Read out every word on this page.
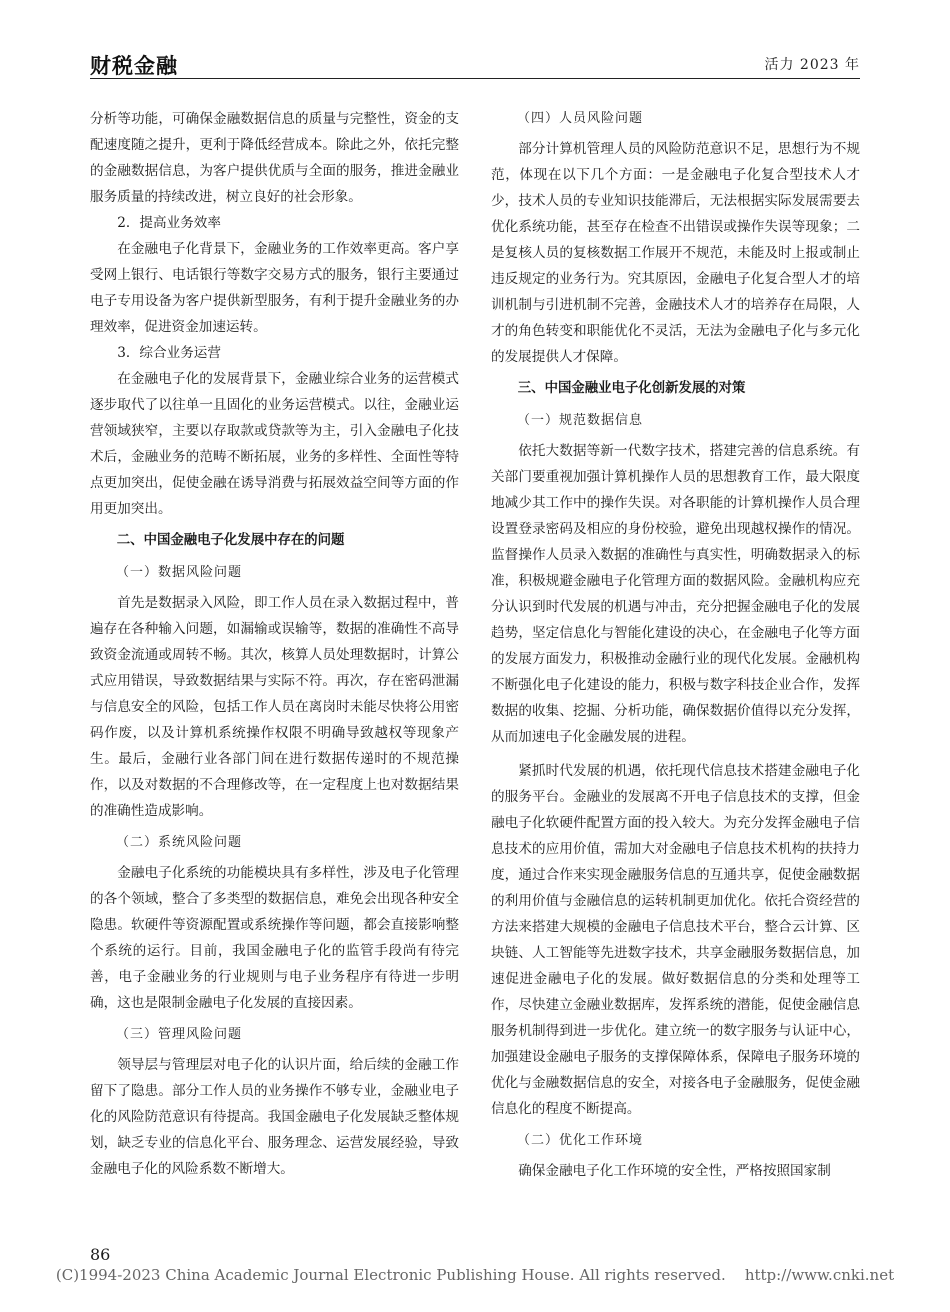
财税金融	活力 2023 年

分析等功能，可确保金融数据信息的质量与完整性，资金的支配速度随之提升，更利于降低经营成本。除此之外，依托完整的金融数据信息，为客户提供优质与全面的服务，推进金融业服务质量的持续改进，树立良好的社会形象。

2．提高业务效率

在金融电子化背景下，金融业务的工作效率更高。客户享受网上银行、电话银行等数字交易方式的服务，银行主要通过电子专用设备为客户提供新型服务，有利于提升金融业务的办理效率，促进资金加速运转。

3．综合业务运营

在金融电子化的发展背景下，金融业综合业务的运营模式逐步取代了以往单一且固化的业务运营模式。以往，金融业运营领域狭窄，主要以存取款或贷款等为主，引入金融电子化技术后，金融业务的范畴不断拓展，业务的多样性、全面性等特点更加突出，促使金融在诱导消费与拓展效益空间等方面的作用更加突出。

二、中国金融电子化发展中存在的问题

（一）数据风险问题

首先是数据录入风险，即工作人员在录入数据过程中，普遍存在各种输入问题，如漏输或误输等，数据的准确性不高导致资金流通或周转不畅。其次，核算人员处理数据时，计算公式应用错误，导致数据结果与实际不符。再次，存在密码泄漏与信息安全的风险，包括工作人员在离岗时未能尽快将公用密码作废，以及计算机系统操作权限不明确导致越权等现象产生。最后，金融行业各部门间在进行数据传递时的不规范操作，以及对数据的不合理修改等，在一定程度上也对数据结果的准确性造成影响。

（二）系统风险问题

金融电子化系统的功能模块具有多样性，涉及电子化管理的各个领域，整合了多类型的数据信息，难免会出现各种安全隐患。软硬件等资源配置或系统操作等问题，都会直接影响整个系统的运行。目前，我国金融电子化的监管手段尚有待完善，电子金融业务的行业规则与电子业务程序有待进一步明确，这也是限制金融电子化发展的直接因素。

（三）管理风险问题

领导层与管理层对电子化的认识片面，给后续的金融工作留下了隐患。部分工作人员的业务操作不够专业，金融业电子化的风险防范意识有待提高。我国金融电子化发展缺乏整体规划，缺乏专业的信息化平台、服务理念、运营发展经验，导致金融电子化的风险系数不断增大。

（四）人员风险问题

部分计算机管理人员的风险防范意识不足，思想行为不规范，体现在以下几个方面：一是金融电子化复合型技术人才少，技术人员的专业知识技能滞后，无法根据实际发展需要去优化系统功能，甚至存在检查不出错误或操作失误等现象；二是复核人员的复核数据工作展开不规范，未能及时上报或制止违反规定的业务行为。究其原因，金融电子化复合型人才的培训机制与引进机制不完善，金融技术人才的培养存在局限，人才的角色转变和职能优化不灵活，无法为金融电子化与多元化的发展提供人才保障。

三、中国金融业电子化创新发展的对策

（一）规范数据信息

依托大数据等新一代数字技术，搭建完善的信息系统。有关部门要重视加强计算机操作人员的思想教育工作，最大限度地减少其工作中的操作失误。对各职能的计算机操作人员合理设置登录密码及相应的身份校验，避免出现越权操作的情况。监督操作人员录入数据的准确性与真实性，明确数据录入的标准，积极规避金融电子化管理方面的数据风险。金融机构应充分认识到时代发展的机遇与冲击，充分把握金融电子化的发展趋势，坚定信息化与智能化建设的决心，在金融电子化等方面的发展方面发力，积极推动金融行业的现代化发展。金融机构不断强化电子化建设的能力，积极与数字科技企业合作，发挥数据的收集、挖掘、分析功能，确保数据价值得以充分发挥，从而加速电子化金融发展的进程。

紧抓时代发展的机遇，依托现代信息技术搭建金融电子化的服务平台。金融业的发展离不开电子信息技术的支撑，但金融电子化软硬件配置方面的投入较大。为充分发挥金融电子信息技术的应用价值，需加大对金融电子信息技术机构的扶持力度，通过合作来实现金融服务信息的互通共享，促使金融数据的利用价值与金融信息的运转机制更加优化。依托合资经营的方法来搭建大规模的金融电子信息技术平台，整合云计算、区块链、人工智能等先进数字技术，共享金融服务数据信息，加速促进金融电子化的发展。做好数据信息的分类和处理等工作，尽快建立金融业数据库，发挥系统的潜能，促使金融信息服务机制得到进一步优化。建立统一的数字服务与认证中心，加强建设金融电子服务的支撑保障体系，保障电子服务环境的优化与金融数据信息的安全，对接各电子金融服务，促使金融信息化的程度不断提高。

（二）优化工作环境

确保金融电子化工作环境的安全性，严格按照国家制

86
(C)1994-2023 China Academic Journal Electronic Publishing House. All rights reserved.    http://www.cnki.net
